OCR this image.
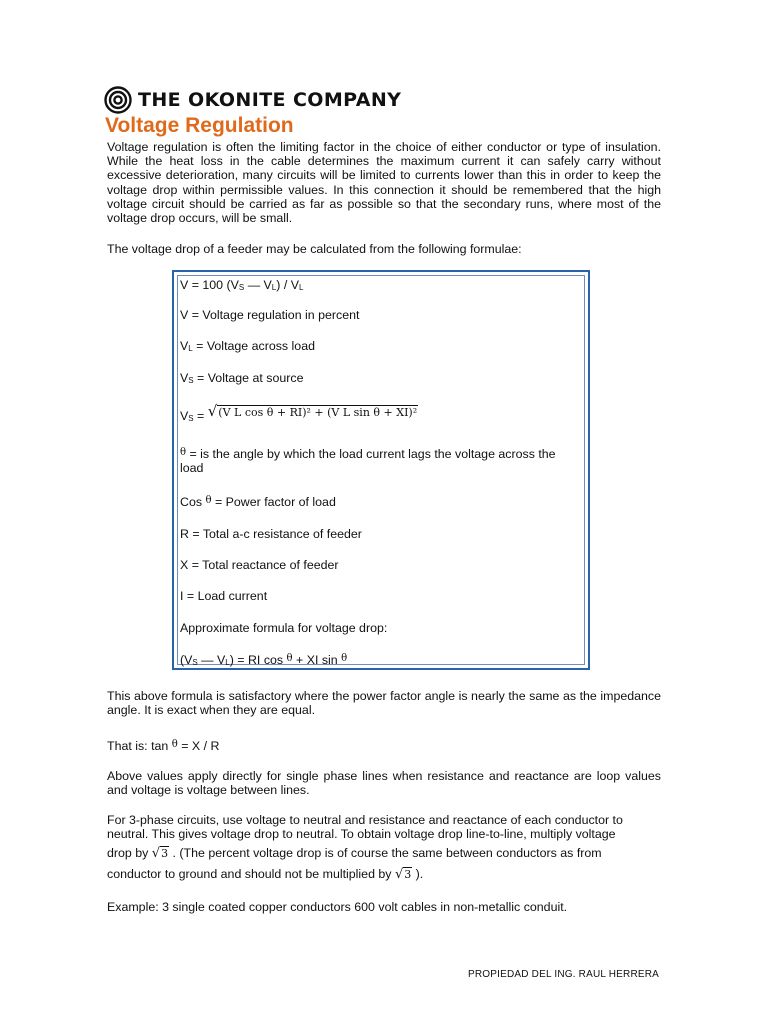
THE OKONITE COMPANY
Voltage Regulation
Voltage regulation is often the limiting factor in the choice of either conductor or type of insulation. While the heat loss in the cable determines the maximum current it can safely carry without excessive deterioration, many circuits will be limited to currents lower than this in order to keep the voltage drop within permissible values. In this connection it should be remembered that the high voltage circuit should be carried as far as possible so that the secondary runs, where most of the voltage drop occurs, will be small.
The voltage drop of a feeder may be calculated from the following formulae:
V = 100 ($V_S$ — $V_L) / V_L$
V = Voltage regulation in percent
$V_L$ = Voltage across load
$V_S$ = Voltage at source
$V_S = √(V$ L cos θ + RI)² + (V L sin θ + XI)²
$^\theta$ = is the angle by which the load current lags the voltage across the
load
Cos $^\theta$ = Power factor of load
R = Total a-c resistance of feeder
X = Total reactance of feeder
I = Load current
Approximate formula for voltage drop:
($V_S$ — $V_L$) = RI cos $^\theta$ + XI sin $^\theta$
This above formula is satisfactory where the power factor angle is nearly the same as the impedance angle. It is exact when they are equal.
That is: tan $^\theta$ = X / R
Above values apply directly for single phase lines when resistance and reactance are loop values and voltage is voltage between lines.
For 3-phase circuits, use voltage to neutral and resistance and reactance of each conductor to
neutral. This gives voltage drop to neutral. To obtain voltage drop line-to-line, multiply voltage
drop by √3 . (The percent voltage drop is of course the same between conductors as from
conductor to ground and should not be multiplied by √3 ).
Example: 3 single coated copper conductors 600 volt cables in non-metallic conduit.
PROPIEDAD DEL ING. RAUL HERRERA
